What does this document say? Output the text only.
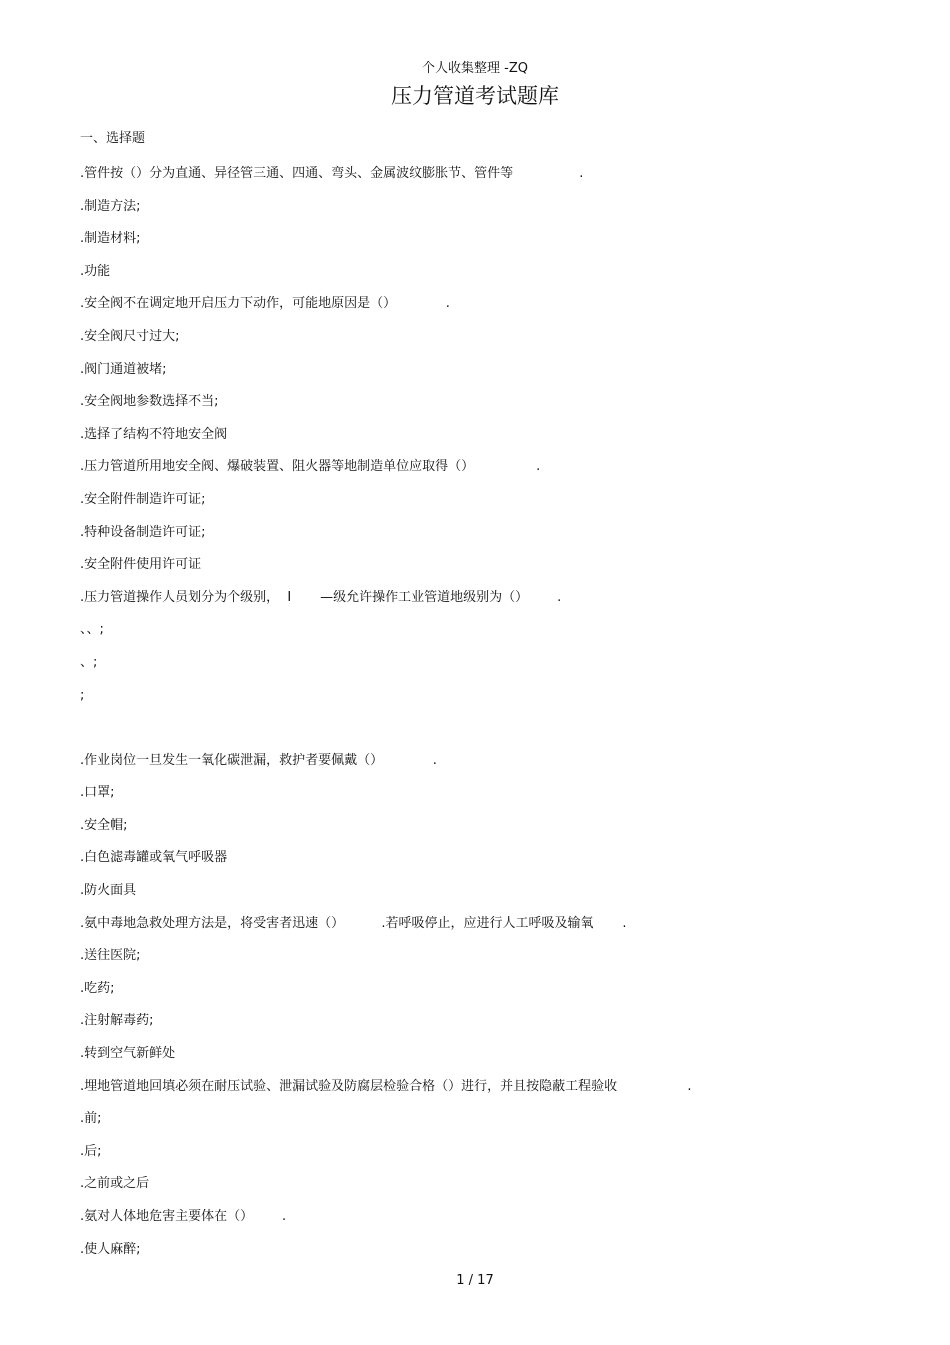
个人收集整理 -ZQ
压力管道考试题库
一、选择题
.管件按（）分为直通、异径管三通、四通、弯头、金属波纹膨胀节、管件等                .
.制造方法;
.制造材料;
.功能
.安全阀不在调定地开启压力下动作，可能地原因是（）            .
.安全阀尺寸过大;
.阀门通道被堵;
.安全阀地参数选择不当;
.选择了结构不符地安全阀
.压力管道所用地安全阀、爆破装置、阻火器等地制造单位应取得（）               .
.安全附件制造许可证;
.特种设备制造许可证;
.安全附件使用许可证
.压力管道操作人员划分为个级别，  Ⅰ       —级允许操作工业管道地级别为（）       .
、、;
、;
;
.作业岗位一旦发生一氧化碳泄漏，救护者要佩戴（）            .
.口罩;
.安全帽;
.白色滤毒罐或氧气呼吸器
.防火面具
.氨中毒地急救处理方法是，将受害者迅速（）         .若呼吸停止，应进行人工呼吸及输氧       .
.送往医院;
.吃药;
.注射解毒药;
.转到空气新鲜处
.埋地管道地回填必须在耐压试验、泄漏试验及防腐层检验合格（）进行，并且按隐蔽工程验收                 .
.前;
.后;
.之前或之后
.氨对人体地危害主要体在（）       .
.使人麻醉;
1 / 17
